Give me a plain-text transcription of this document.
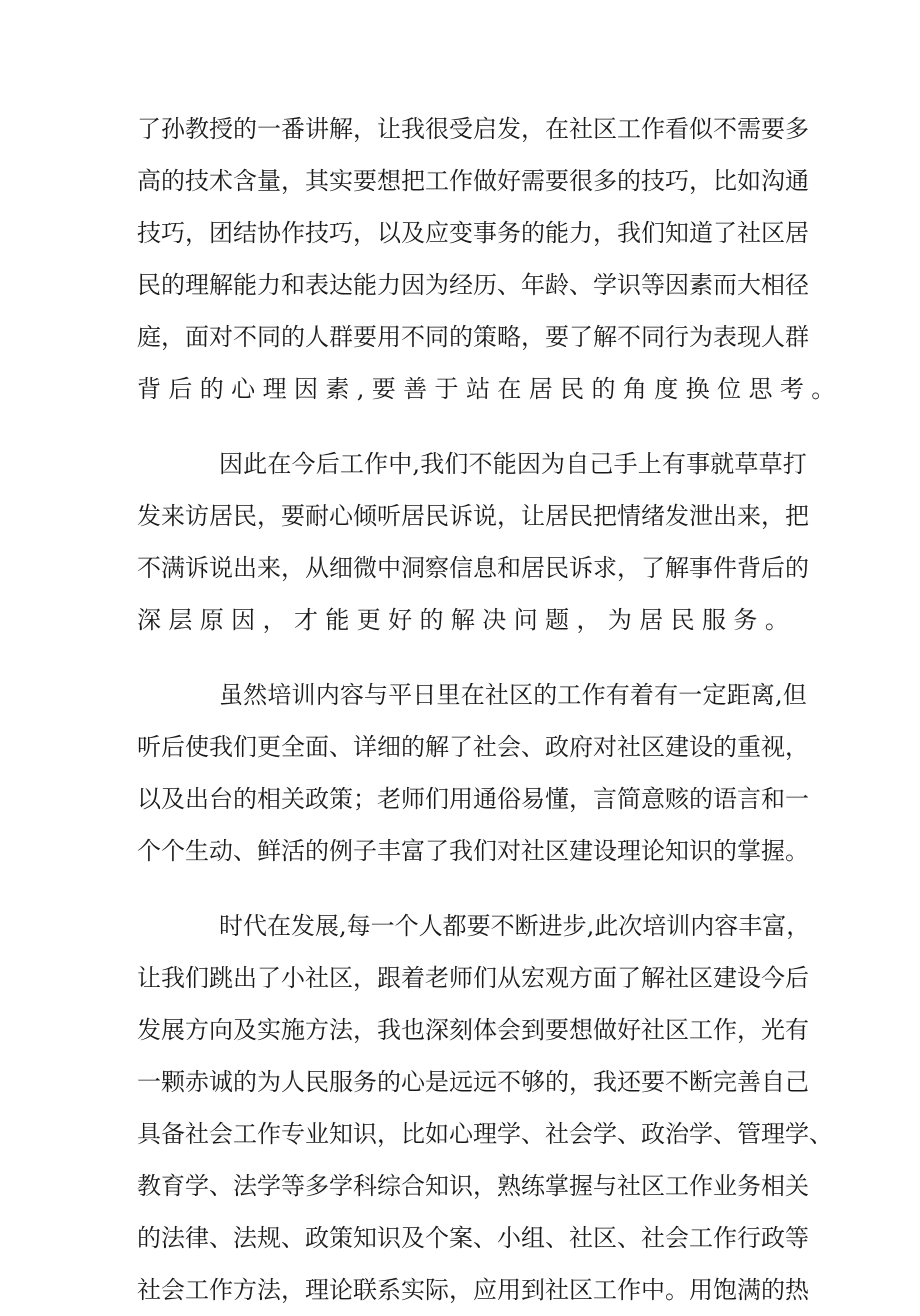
了 孙 教 授 的 一 番 讲 解 ， 让 我 很 受 启 发 ， 在 社 区 工 作 看 似 不 需 要 多
高 的 技 术 含 量 ， 其 实 要 想 把 工 作 做 好 需 要 很 多 的 技 巧 ， 比 如 沟 通
技 巧 ， 团 结 协 作 技 巧 ， 以 及 应 变 事 务 的 能 力 ， 我 们 知 道 了 社 区 居
民 的 理 解 能 力 和 表 达 能 力 因 为 经 历 、 年 龄 、 学 识 等 因 素 而 大 相 径
庭 ， 面 对 不 同 的 人 群 要 用 不 同 的 策 略 ， 要 了 解 不 同 行 为 表 现 人 群
背 后 的 心 理 因 素 , 要 善 于 站 在 居 民 的 角 度 换 位 思 考 。
因 此 在 今 后 工 作 中 , 我 们 不 能 因 为 自 己 手 上 有 事 就 草 草 打
发 来 访 居 民 ， 要 耐 心 倾 听 居 民 诉 说 ， 让 居 民 把 情 绪 发 泄 出 来 ， 把
不 满 诉 说 出 来 ， 从 细 微 中 洞 察 信 息 和 居 民 诉 求 ， 了 解 事 件 背 后 的
深 层 原 因 ， 才 能 更 好 的 解 决 问 题 ， 为 居 民 服 务 。
虽 然 培 训 内 容 与 平 日 里 在 社 区 的 工 作 有 着 有 一 定 距 离 , 但
听 后 使 我 们 更 全 面 、 详 细 的 解 了 社 会 、 政 府 对 社 区 建 设 的 重 视 ，
以 及 出 台 的 相 关 政 策 ； 老 师 们 用 通 俗 易 懂 ， 言 简 意 赅 的 语 言 和 一
个 个 生 动 、 鲜 活 的 例 子 丰 富 了 我 们 对 社 区 建 设 理 论 知 识 的 掌 握 。
时 代 在 发 展 , 每 一 个 人 都 要 不 断 进 步 , 此 次 培 训 内 容 丰 富 ，
让 我 们 跳 出 了 小 社 区 ， 跟 着 老 师 们 从 宏 观 方 面 了 解 社 区 建 设 今 后
发 展 方 向 及 实 施 方 法 ， 我 也 深 刻 体 会 到 要 想 做 好 社 区 工 作 ， 光 有
一 颗 赤 诚 的 为 人 民 服 务 的 心 是 远 远 不 够 的 ， 我 还 要 不 断 完 善 自 己
具 备 社 会 工 作 专 业 知 识 ， 比 如 心 理 学 、 社 会 学 、 政 治 学 、 管 理 学 、
教 育 学 、 法 学 等 多 学 科 综 合 知 识 ， 熟 练 掌 握 与 社 区 工 作 业 务 相 关
的 法 律 、 法 规 、 政 策 知 识 及 个 案 、 小 组 、 社 区 、 社 会 工 作 行 政 等
社 会 工 作 方 法 ， 理 论 联 系 实 际 ， 应 用 到 社 区 工 作 中 。 用 饱 满 的 热
